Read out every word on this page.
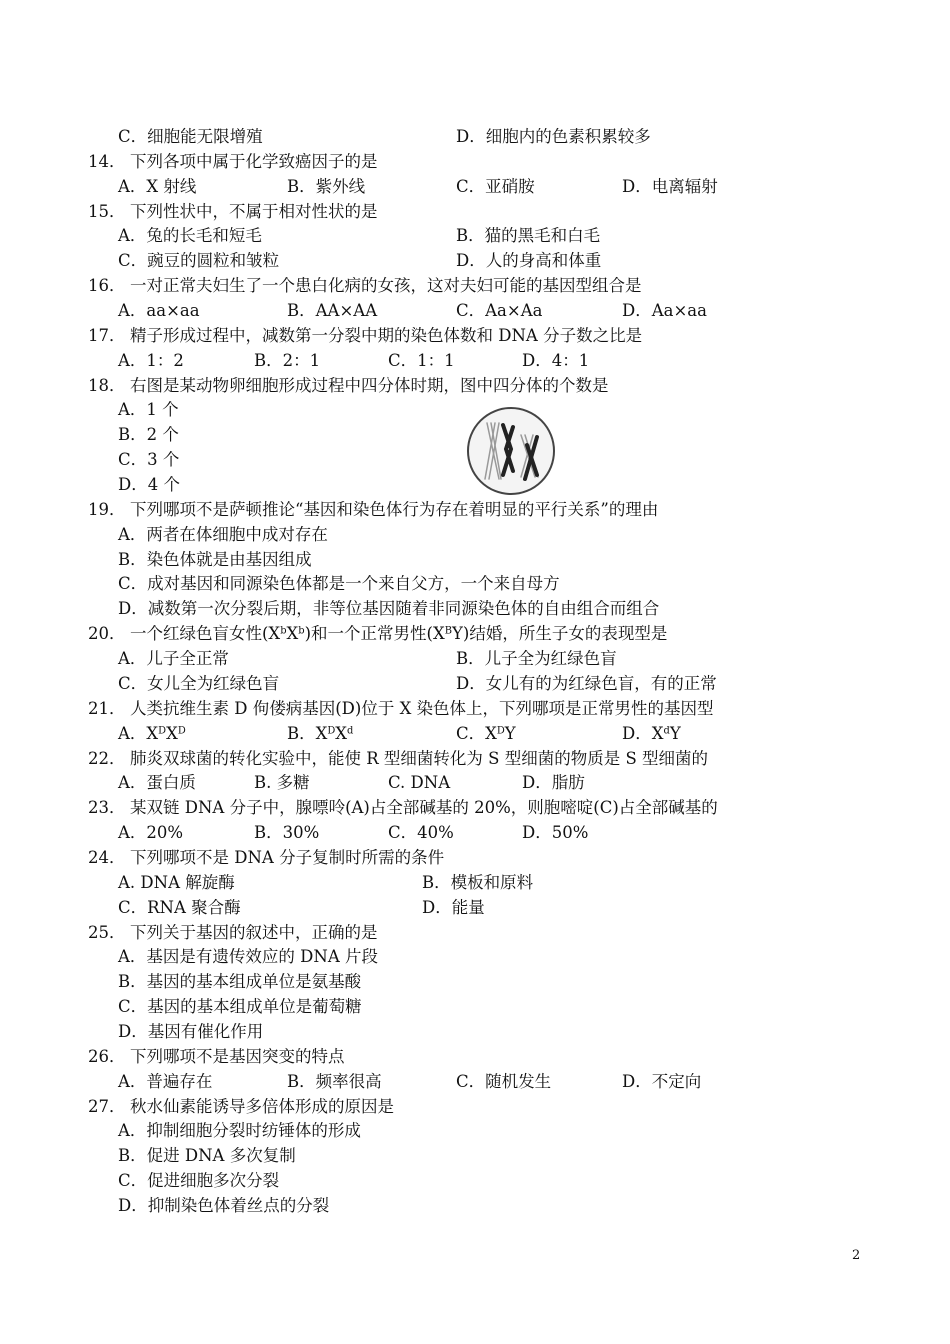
C．细胞能无限增殖	D．细胞内的色素积累较多
14． 下列各项中属于化学致癌因子的是
A．X 射线	B．紫外线	C．亚硝胺	D．电离辐射
15． 下列性状中，不属于相对性状的是
A．兔的长毛和短毛	B．猫的黑毛和白毛
C．豌豆的圆粒和皱粒	D．人的身高和体重
16． 一对正常夫妇生了一个患白化病的女孩，这对夫妇可能的基因型组合是
A．aa×aa	B．AA×AA	C．Aa×Aa	D．Aa×aa
17． 精子形成过程中，减数第一分裂中期的染色体数和 DNA 分子数之比是
A．1：2	B．2：1	C．1：1	D．4：1
18． 右图是某动物卵细胞形成过程中四分体时期，图中四分体的个数是
A．1 个
B．2 个
C．3 个
D．4 个
19． 下列哪项不是萨顿推论“基因和染色体行为存在着明显的平行关系”的理由
A．两者在体细胞中成对存在
B．染色体就是由基因组成
C．成对基因和同源染色体都是一个来自父方，一个来自母方
D．减数第一次分裂后期，非等位基因随着非同源染色体的自由组合而组合
20． 一个红绿色盲女性$(X^bX^b)$和一个正常男性$(X^BY)$结婚，所生子女的表现型是
A．儿子全正常	B．儿子全为红绿色盲
C．女儿全为红绿色盲	D．女儿有的为红绿色盲，有的正常
21． 人类抗维生素 D 佝偻病基因(D)位于 X 染色体上，下列哪项是正常男性的基因型
A．$X^DX^D$	B．$X^DX^d$	C．$X^DY$	D．$X^dY$
22． 肺炎双球菌的转化实验中，能使 R 型细菌转化为 S 型细菌的物质是 S 型细菌的
A．蛋白质	B. 多糖	C. DNA	D．脂肪
23． 某双链 DNA 分子中，腺嘌呤(A)占全部碱基的 20%，则胞嘧啶(C)占全部碱基的
A．20%	B．30%	C．40%	D．50%
24． 下列哪项不是 DNA 分子复制时所需的条件
A. DNA 解旋酶	B．模板和原料
C．RNA 聚合酶	D．能量
25． 下列关于基因的叙述中，正确的是
A．基因是有遗传效应的 DNA 片段
B．基因的基本组成单位是氨基酸
C．基因的基本组成单位是葡萄糖
D．基因有催化作用
26． 下列哪项不是基因突变的特点
A．普遍存在	B．频率很高	C．随机发生	D．不定向
27． 秋水仙素能诱导多倍体形成的原因是
A．抑制细胞分裂时纺锤体的形成
B．促进 DNA 多次复制
C．促进细胞多次分裂
D．抑制染色体着丝点的分裂
2
